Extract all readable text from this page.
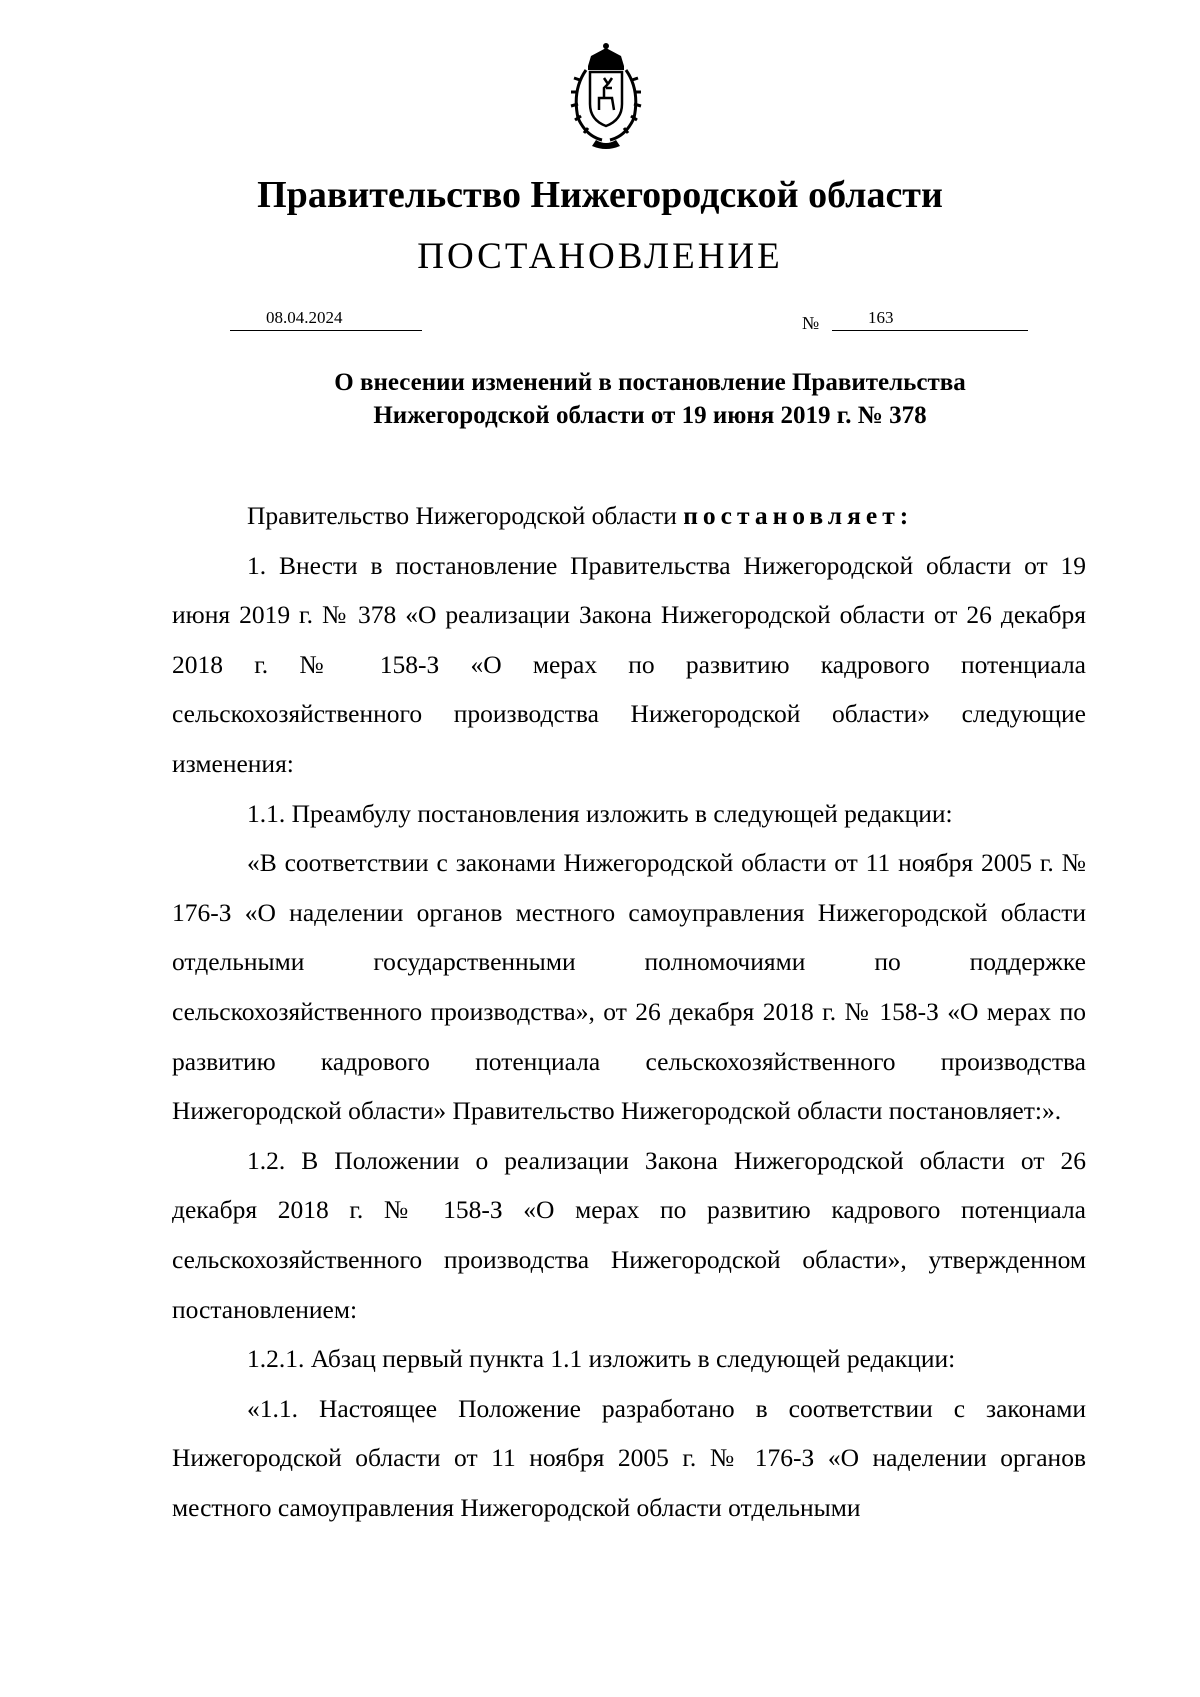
Правительство Нижегородской области
ПОСТАНОВЛЕНИЕ
08.04.2024	№	163
О внесении изменений в постановление Правительства
Нижегородской области от 19 июня 2019 г. № 378

Правительство Нижегородской области постановляет:

1. Внести в постановление Правительства Нижегородской области от 19 июня 2019 г. № 378 «О реализации Закона Нижегородской области от 26 декабря 2018 г. № 158-З «О мерах по развитию кадрового потенциала сельскохозяйственного производства Нижегородской области» следующие изменения:

1.1. Преамбулу постановления изложить в следующей редакции:

«В соответствии с законами Нижегородской области от 11 ноября 2005 г. № 176-З «О наделении органов местного самоуправления Нижегородской области отдельными государственными полномочиями по поддержке сельскохозяйственного производства», от 26 декабря 2018 г. № 158-З «О мерах по развитию кадрового потенциала сельскохозяйственного производства Нижегородской области» Правительство Нижегородской области постановляет:».

1.2. В Положении о реализации Закона Нижегородской области от 26 декабря 2018 г. № 158-З «О мерах по развитию кадрового потенциала сельскохозяйственного производства Нижегородской области», утвержденном постановлением:

1.2.1. Абзац первый пункта 1.1 изложить в следующей редакции:

«1.1. Настоящее Положение разработано в соответствии с законами Нижегородской области от 11 ноября 2005 г. № 176-З «О наделении органов местного самоуправления Нижегородской области отдельными
